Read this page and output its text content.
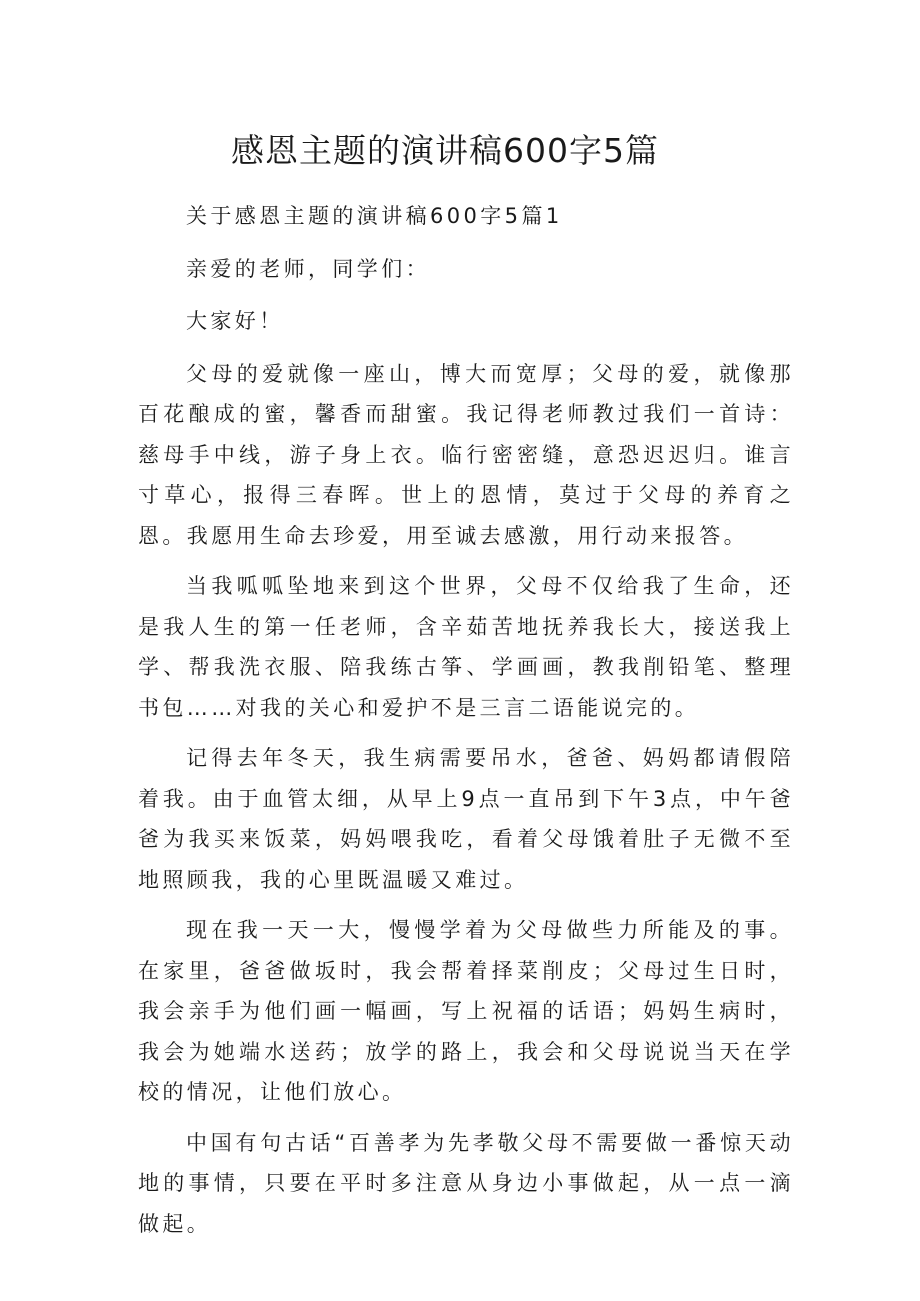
感恩主题的演讲稿600字5篇

关于感恩主题的演讲稿600字5篇1

亲爱的老师，同学们：

大家好！

父母的爱就像一座山，博大而宽厚；父母的爱，就像那百花酿成的蜜，馨香而甜蜜。我记得老师教过我们一首诗：慈母手中线，游子身上衣。临行密密缝，意恐迟迟归。谁言寸草心，报得三春晖。世上的恩情，莫过于父母的养育之恩。我愿用生命去珍爱，用至诚去感激，用行动来报答。

当我呱呱坠地来到这个世界，父母不仅给我了生命，还是我人生的第一任老师，含辛茹苦地抚养我长大，接送我上学、帮我洗衣服、陪我练古筝、学画画，教我削铅笔、整理书包……对我的关心和爱护不是三言二语能说完的。

记得去年冬天，我生病需要吊水，爸爸、妈妈都请假陪着我。由于血管太细，从早上9点一直吊到下午3点，中午爸爸为我买来饭菜，妈妈喂我吃，看着父母饿着肚子无微不至地照顾我，我的心里既温暖又难过。

现在我一天一大，慢慢学着为父母做些力所能及的事。在家里，爸爸做坂时，我会帮着择菜削皮；父母过生日时，我会亲手为他们画一幅画，写上祝福的话语；妈妈生病时，我会为她端水送药；放学的路上，我会和父母说说当天在学校的情况，让他们放心。

中国有句古话“百善孝为先孝敬父母不需要做一番惊天动地的事情，只要在平时多注意从身边小事做起，从一点一滴做起。
